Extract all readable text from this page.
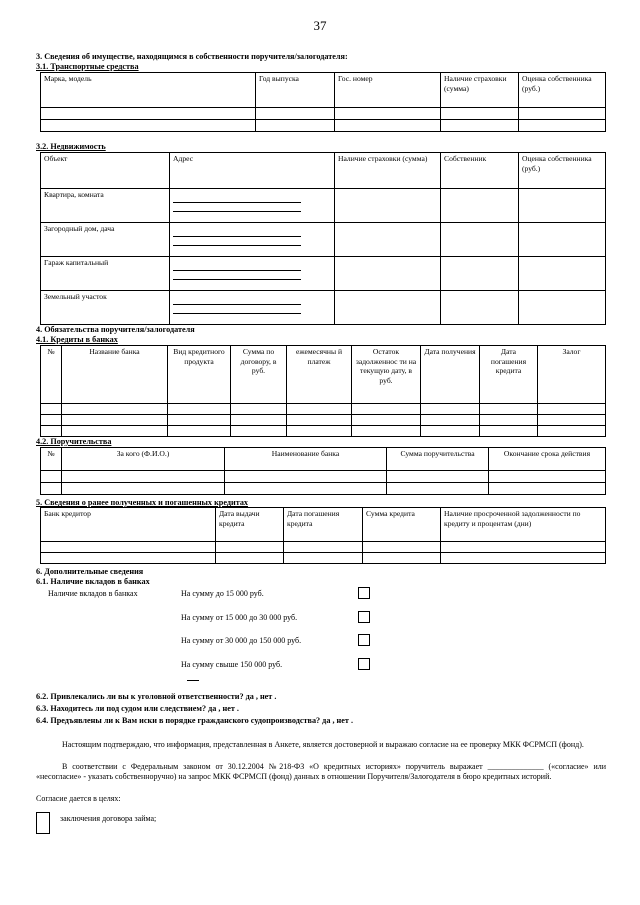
37
3. Сведения об имуществе, находящимся в собственности поручителя/залогодателя:
3.1. Транспортные средства
Марка, модель	Год выпуска	Гос. номер	Наличие страховки (сумма)	Оценка собственника (руб.)

3.2. Недвижимость
Объект	Адрес	Наличие страховки (сумма)	Собственник	Оценка собственника (руб.)
Квартира, комната	

Загородный дом, дача	

Гараж капитальный	

Земельный участок	

4. Обязательства поручителя/залогодателя
4.1. Кредиты в банках
№	Название банка	Вид кредитного продукта	Сумма по договору, в руб.	ежемесячны й платеж	Остаток задолженнос ти на текущую дату, в руб.	Дата получения	Дата погашения кредита	Залог

4.2. Поручительства
№	За кого (Ф.И.О.)	Наименование банка	Сумма поручительства	Окончание срока действия

5. Сведения о ранее полученных и погашенных кредитах
Банк кредитор	Дата выдачи кредита	Дата погашения кредита	Сумма кредита	Наличие просроченной задолженности по кредиту и процентам (дни)

6. Дополнительные сведения
6.1. Наличие вкладов в банках
Наличие вкладов в банках	На сумму до 15 000 руб.
На сумму от 15 000 до 30 000 руб.
На сумму от 30 000 до 150 000 руб.
На сумму свыше 150 000 руб.
6.2. Привлекались ли вы к уголовной ответственности? да , нет .
6.3. Находитесь ли под судом или следствием? да , нет .
6.4. Предъявлены ли к Вам иски в порядке гражданского судопроизводства? да , нет .
Настоящим подтверждаю, что информация, представленная в Анкете, является достоверной и выражаю согласие на ее проверку МКК ФСРМСП (фонд).
В соответствии с Федеральным законом от 30.12.2004 №218-ФЗ «О кредитных историях» поручитель выражает ______________ («согласие» или «несогласие» - указать собственноручно) на запрос МКК ФСРМСП (фонд) данных в отношении Поручителя/Залогодателя в бюро кредитных историй.
Согласие дается в целях:
заключения договора займа;
